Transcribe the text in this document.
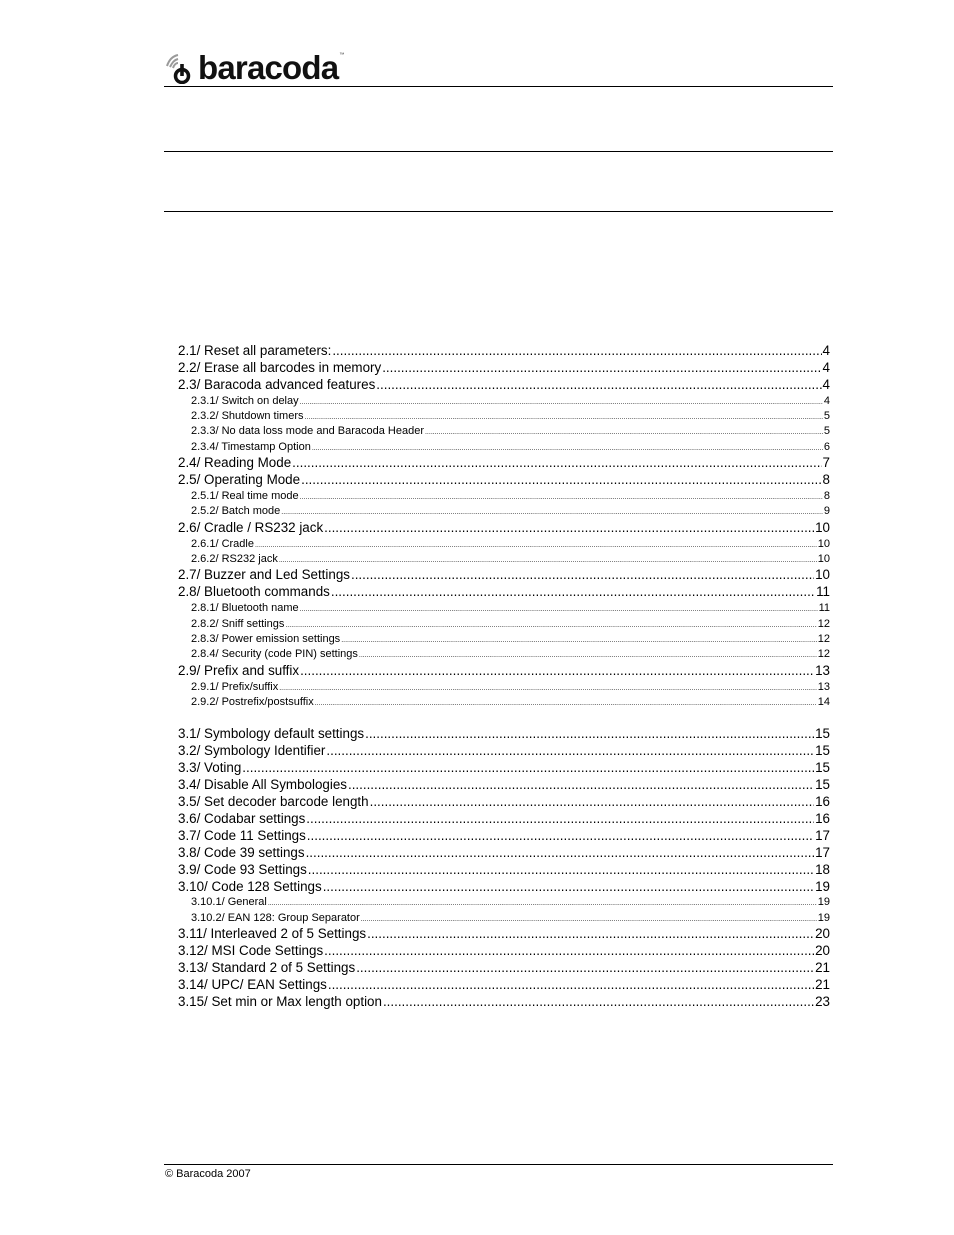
baracoda ™
2.1/ Reset all parameters: .....	4
2.2/ Erase all barcodes in memory .....	4
2.3/ Baracoda advanced features .....	4
2.3.1/ Switch on delay .....	4
2.3.2/ Shutdown timers .....	5
2.3.3/ No data loss mode and Baracoda Header .....	5
2.3.4/ Timestamp Option .....	6
2.4/ Reading Mode .....	7
2.5/ Operating Mode .....	8
2.5.1/ Real time mode .....	8
2.5.2/ Batch mode .....	9
2.6/ Cradle / RS232 jack .....	10
2.6.1/ Cradle .....	10
2.6.2/ RS232 jack .....	10
2.7/ Buzzer and Led Settings .....	10
2.8/ Bluetooth commands .....	11
2.8.1/ Bluetooth name .....	11
2.8.2/ Sniff settings .....	12
2.8.3/ Power emission settings .....	12
2.8.4/ Security (code PIN) settings .....	12
2.9/ Prefix and suffix .....	13
2.9.1/ Prefix/suffix .....	13
2.9.2/ Postrefix/postsuffix .....	14
3.1/ Symbology default settings .....	15
3.2/ Symbology Identifier .....	15
3.3/ Voting .....	15
3.4/ Disable All Symbologies .....	15
3.5/ Set decoder barcode length .....	16
3.6/ Codabar settings .....	16
3.7/ Code 11 Settings .....	17
3.8/ Code 39 settings .....	17
3.9/ Code 93 Settings .....	18
3.10/ Code 128 Settings .....	19
3.10.1/ General .....	19
3.10.2/ EAN 128: Group Separator .....	19
3.11/ Interleaved 2 of 5 Settings .....	20
3.12/ MSI Code Settings .....	20
3.13/ Standard 2 of 5 Settings .....	21
3.14/ UPC/ EAN Settings .....	21
3.15/ Set min or Max length option .....	23
© Baracoda 2007
